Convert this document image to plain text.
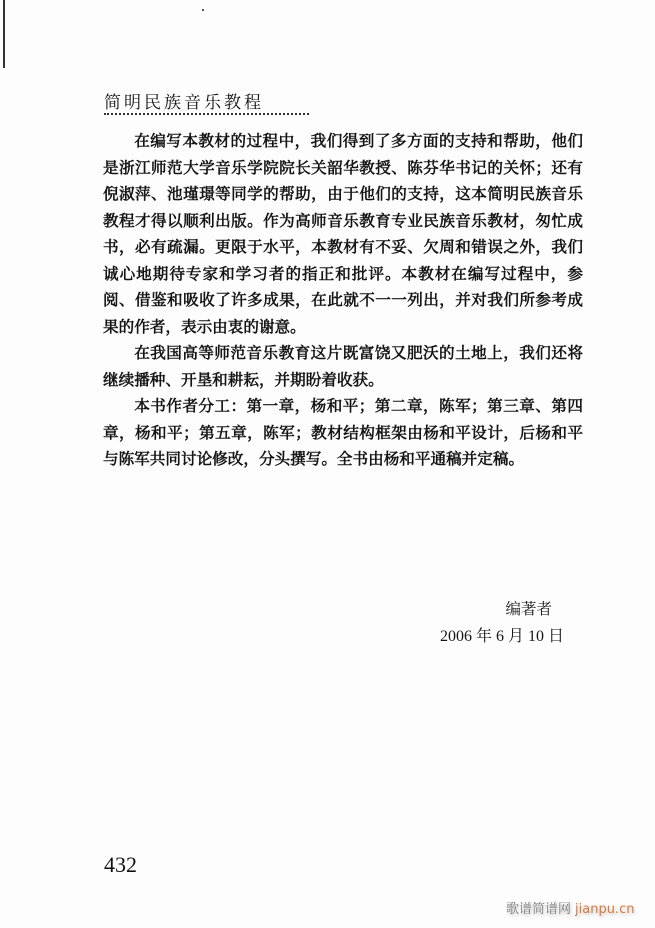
简明民族音乐教程

在编写本教材的过程中，我们得到了多方面的支持和帮助，他们是浙江师范大学音乐学院院长关韶华教授、陈芬华书记的关怀；还有倪淑萍、池瑾璟等同学的帮助，由于他们的支持，这本简明民族音乐教程才得以顺利出版。作为高师音乐教育专业民族音乐教材，匆忙成书，必有疏漏。更限于水平，本教材有不妥、欠周和错误之外，我们诚心地期待专家和学习者的指正和批评。本教材在编写过程中，参阅、借鉴和吸收了许多成果，在此就不一一列出，并对我们所参考成果的作者，表示由衷的谢意。

在我国高等师范音乐教育这片既富饶又肥沃的土地上，我们还将继续播种、开垦和耕耘，并期盼着收获。

本书作者分工：第一章，杨和平；第二章，陈军；第三章、第四章，杨和平；第五章，陈军；教材结构框架由杨和平设计，后杨和平与陈军共同讨论修改，分头撰写。全书由杨和平通稿并定稿。

编著者
2006 年 6 月 10 日
432
歌谱简谱网 jianpu.cn
